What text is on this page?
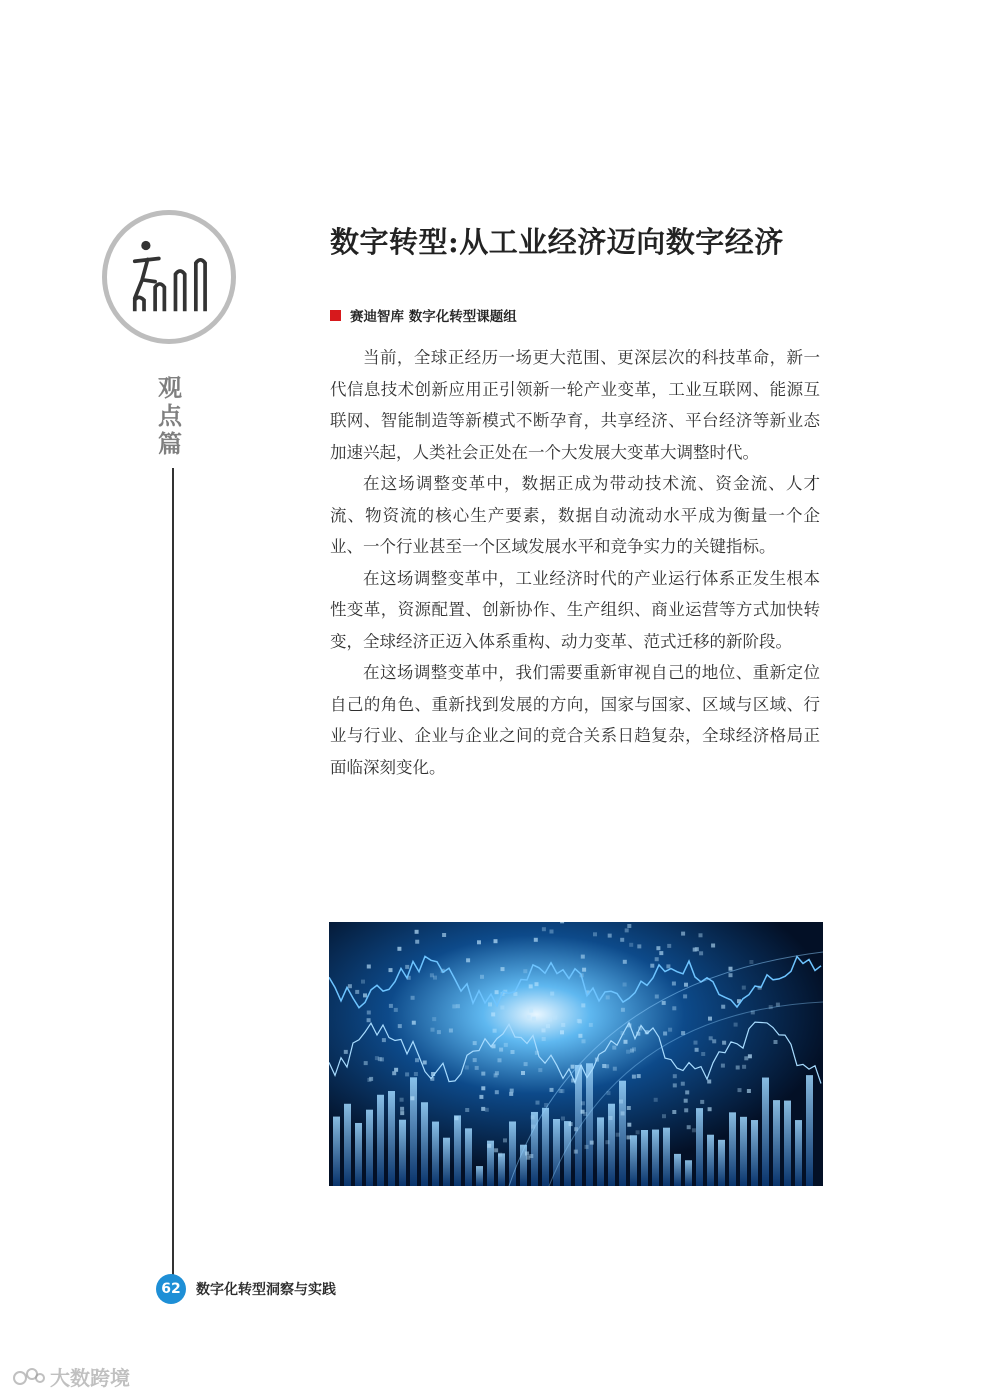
观
点
篇
数字转型:从工业经济迈向数字经济
赛迪智库 数字化转型课题组

当前，全球正经历一场更大范围、更深层次的科技革命，新一代信息技术创新应用正引领新一轮产业变革，工业互联网、能源互联网、智能制造等新模式不断孕育，共享经济、平台经济等新业态加速兴起，人类社会正处在一个大发展大变革大调整时代。

在这场调整变革中，数据正成为带动技术流、资金流、人才流、物资流的核心生产要素，数据自动流动水平成为衡量一个企业、一个行业甚至一个区域发展水平和竞争实力的关键指标。

在这场调整变革中，工业经济时代的产业运行体系正发生根本性变革，资源配置、创新协作、生产组织、商业运营等方式加快转变，全球经济正迈入体系重构、动力变革、范式迁移的新阶段。

在这场调整变革中，我们需要重新审视自己的地位、重新定位自己的角色、重新找到发展的方向，国家与国家、区域与区域、行业与行业、企业与企业之间的竞合关系日趋复杂，全球经济格局正面临深刻变化。

62	数字化转型洞察与实践
大数跨境
